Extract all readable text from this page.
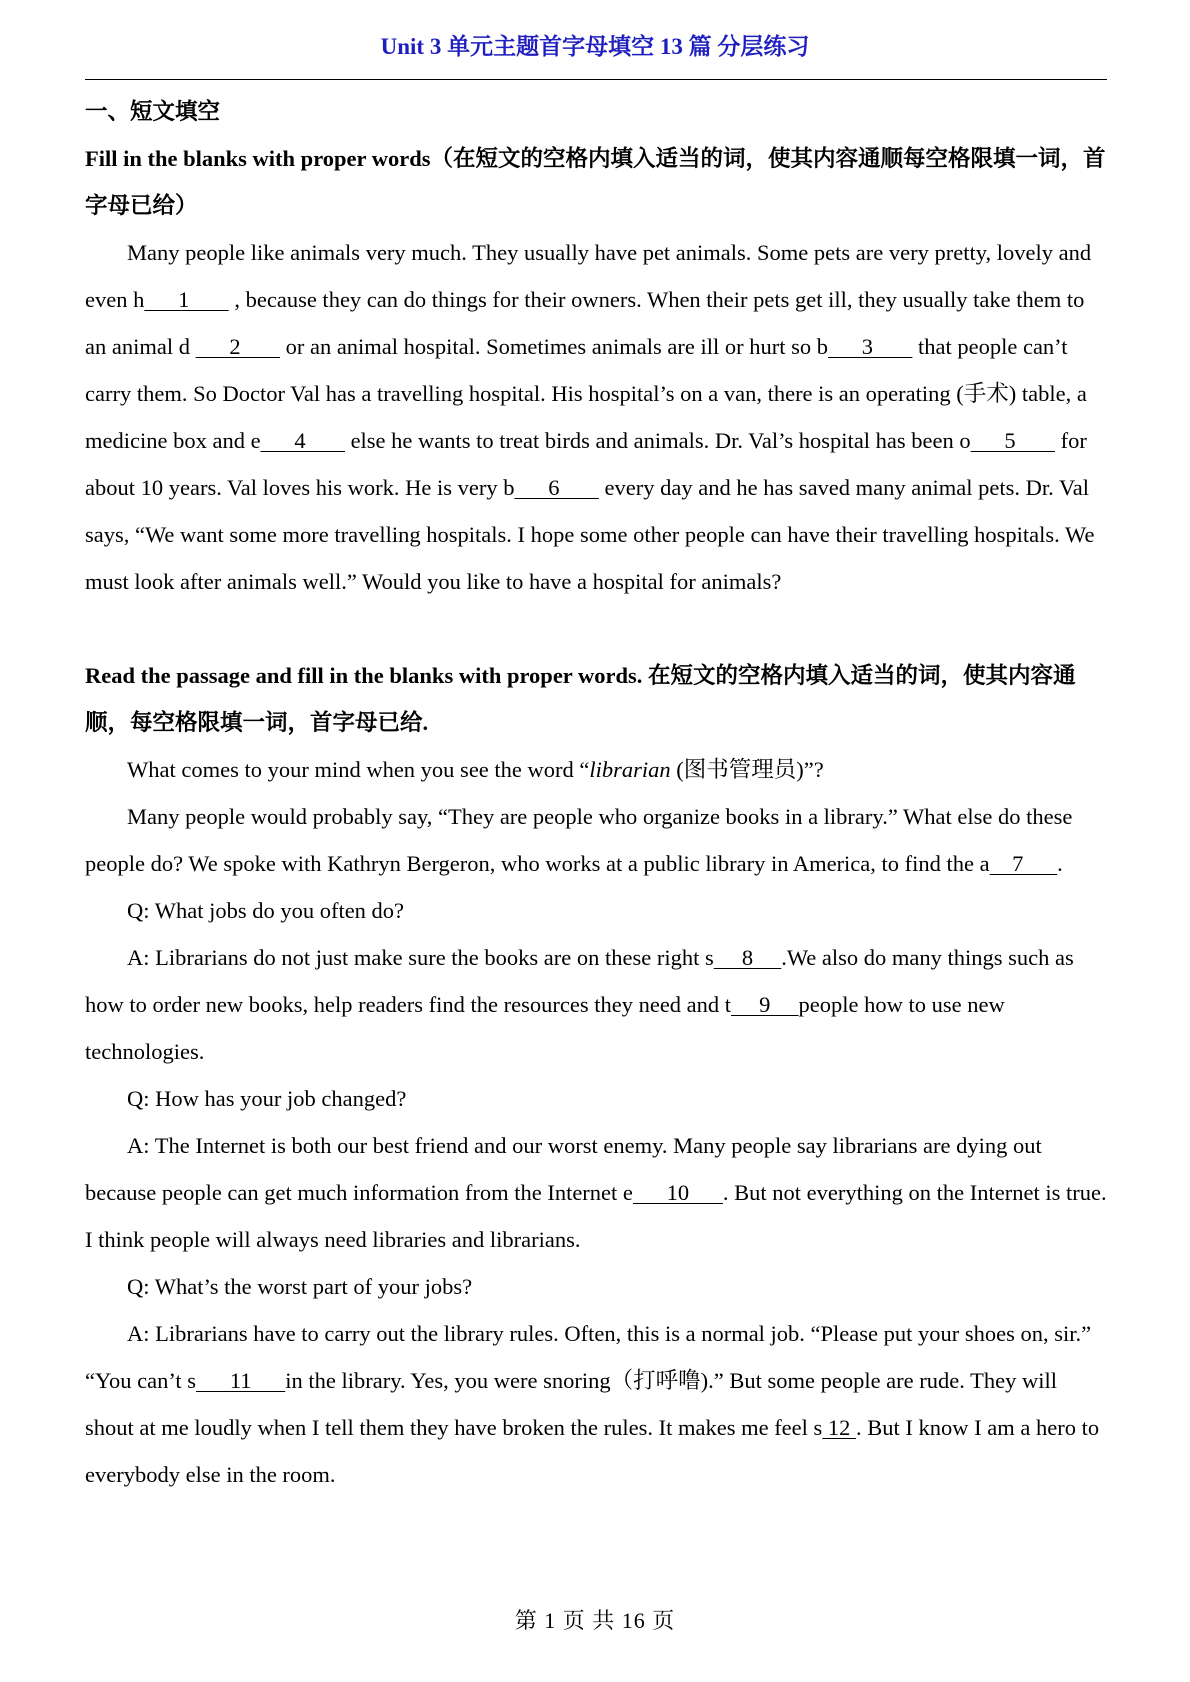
Unit 3 单元主题首字母填空 13 篇 分层练习

一、短文填空

Fill in the blanks with proper words（在短文的空格内填入适当的词，使其内容通顺每空格限填一词，首字母已给）

Many people like animals very much. They usually have pet animals. Some pets are very pretty, lovely and even h      1        , because they can do things for their owners. When their pets get ill, they usually take them to an animal d       2        or an animal hospital. Sometimes animals are ill or hurt so b      3        that people can’t carry them. So Doctor Val has a travelling hospital. His hospital’s on a van, there is an operating (手术) table, a medicine box and e      4        else he wants to treat birds and animals. Dr. Val’s hospital has been o      5        for about 10 years. Val loves his work. He is very b      6        every day and he has saved many animal pets. Dr. Val says, “We want some more travelling hospitals. I hope some other people can have their travelling hospitals. We must look after animals well.” Would you like to have a hospital for animals?

Read the passage and fill in the blanks with proper words. 在短文的空格内填入适当的词，使其内容通顺，每空格限填一词，首字母已给.

What comes to your mind when you see the word “librarian (图书管理员)”?

Many people would probably say, “They are people who organize books in a library.” What else do these people do? We spoke with Kathryn Bergeron, who works at a public library in America, to find the a    7      .

Q: What jobs do you often do?

A: Librarians do not just make sure the books are on these right s     8     .We also do many things such as how to order new books, help readers find the resources they need and t     9     people how to use new technologies.

Q: How has your job changed?

A: The Internet is both our best friend and our worst enemy. Many people say librarians are dying out because people can get much information from the Internet e      10      . But not everything on the Internet is true. I think people will always need libraries and librarians.

Q: What’s the worst part of your jobs?

A: Librarians have to carry out the library rules. Often, this is a normal job. “Please put your shoes on, sir.” “You can’t s      11      in the library. Yes, you were snoring（打呼噜).” But some people are rude. They will shout at me loudly when I tell them they have broken the rules. It makes me feel s 12 . But I know I am a hero to everybody else in the room.

第 1 页 共 16 页
